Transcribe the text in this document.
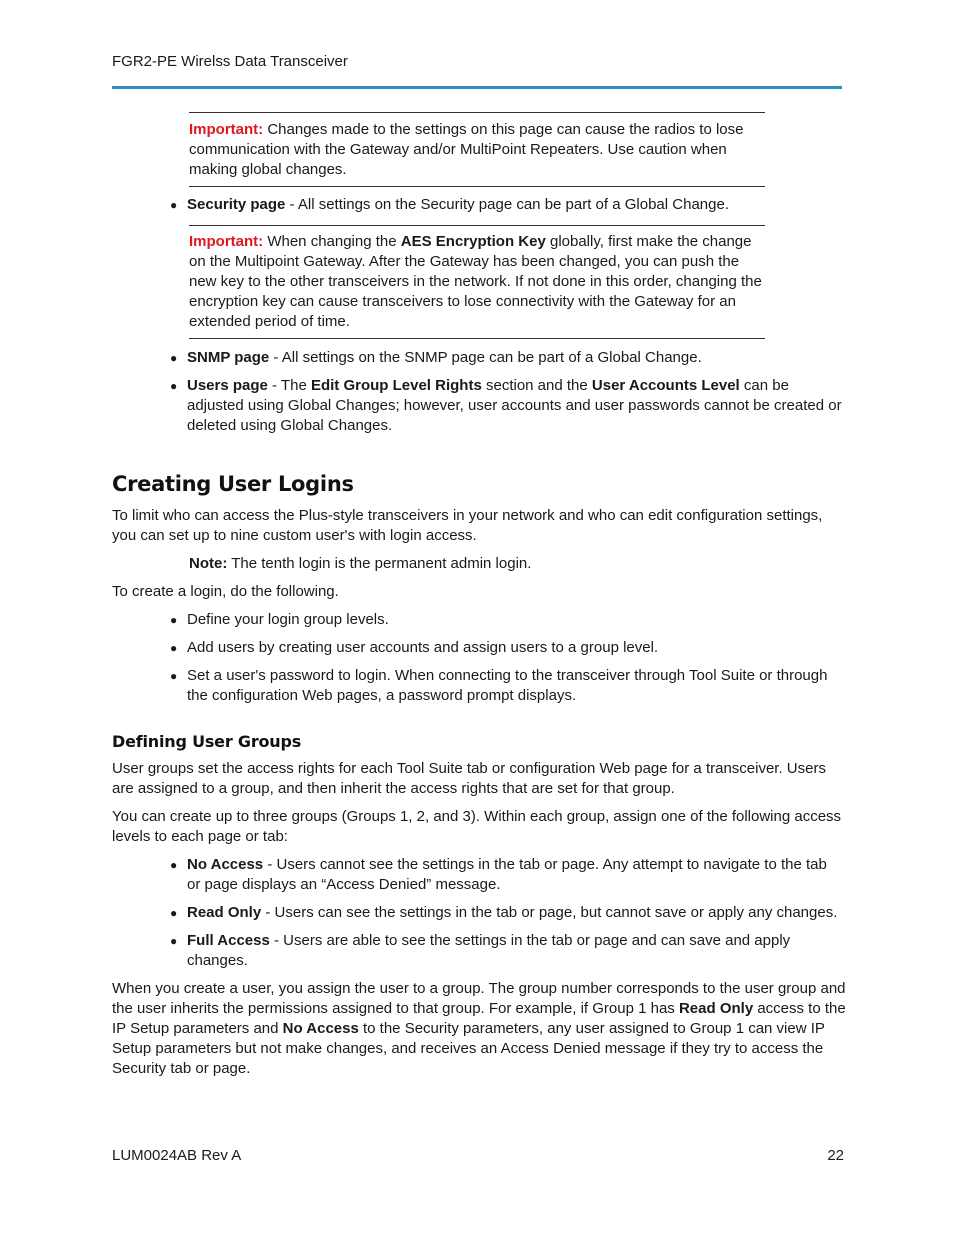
FGR2-PE Wirelss Data Transceiver

Important: Changes made to the settings on this page can cause the radios to lose communication with the Gateway and/or MultiPoint Repeaters. Use caution when making global changes.

● Security page - All settings on the Security page can be part of a Global Change.

Important: When changing the AES Encryption Key globally, first make the change on the Multipoint Gateway. After the Gateway has been changed, you can push the new key to the other transceivers in the network. If not done in this order, changing the encryption key can cause transceivers to lose connectivity with the Gateway for an extended period of time.

● SNMP page - All settings on the SNMP page can be part of a Global Change.
● Users page - The Edit Group Level Rights section and the User Accounts Level can be adjusted using Global Changes; however, user accounts and user passwords cannot be created or deleted using Global Changes.
Creating User Logins
To limit who can access the Plus-style transceivers in your network and who can edit configuration settings, you can set up to nine custom user's with login access.
Note: The tenth login is the permanent admin login.
To create a login, do the following.
● Define your login group levels.
● Add users by creating user accounts and assign users to a group level.
● Set a user's password to login. When connecting to the transceiver through Tool Suite or through the configuration Web pages, a password prompt displays.
Defining User Groups
User groups set the access rights for each Tool Suite tab or configuration Web page for a transceiver. Users are assigned to a group, and then inherit the access rights that are set for that group.
You can create up to three groups (Groups 1, 2, and 3). Within each group, assign one of the following access levels to each page or tab:
● No Access - Users cannot see the settings in the tab or page. Any attempt to navigate to the tab or page displays an “Access Denied” message.
● Read Only - Users can see the settings in the tab or page, but cannot save or apply any changes.
● Full Access - Users are able to see the settings in the tab or page and can save and apply changes.
When you create a user, you assign the user to a group. The group number corresponds to the user group and the user inherits the permissions assigned to that group. For example, if Group 1 has Read Only access to the IP Setup parameters and No Access to the Security parameters, any user assigned to Group 1 can view IP Setup parameters but not make changes, and receives an Access Denied message if they try to access the Security tab or page.
LUM0024AB Rev A	22
